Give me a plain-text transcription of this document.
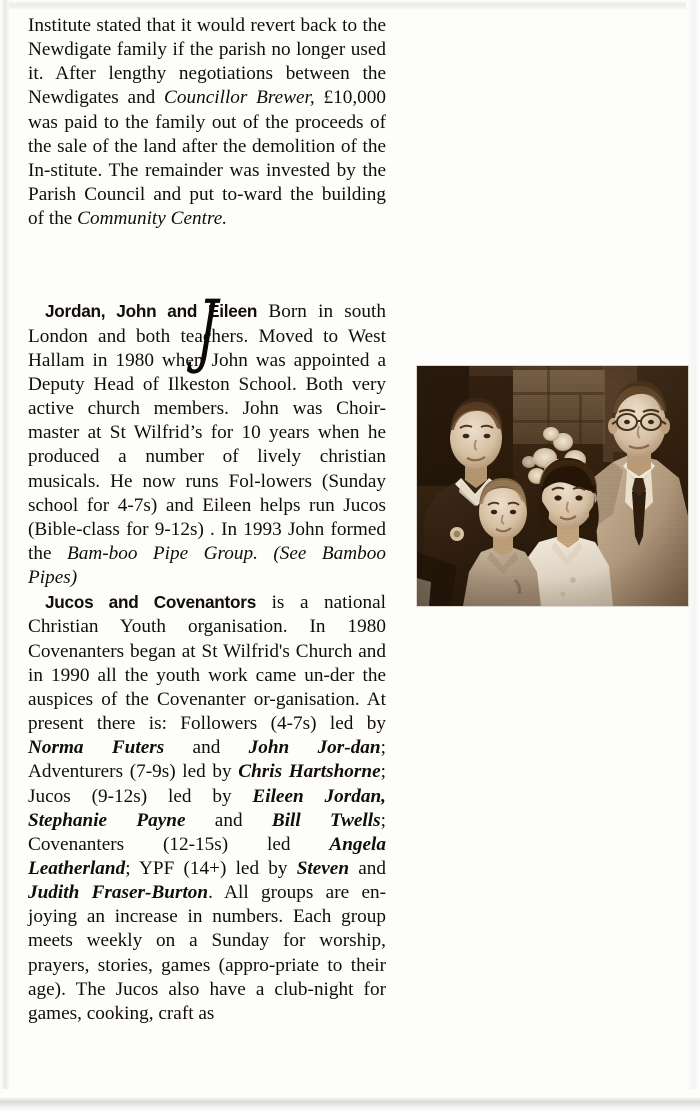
Institute stated that it would revert back to the Newdigate family if the parish no longer used it. After lengthy negotiations between the Newdigates and Councillor Brewer, £10,000 was paid to the family out of the proceeds of the sale of the land after the demolition of the In-stitute. The remainder was invested by the Parish Council and put to-ward the building of the Community Centre.

Jordan, John and Eileen Born in south London and both teachers. Moved to West Hallam in 1980 when John was appointed a Deputy Head of Ilkeston School. Both very active church members. John was Choir-master at St Wilfrid’s for 10 years when he produced a number of lively christian musicals. He now runs Fol-lowers (Sunday school for 4-7s) and Eileen helps run Jucos (Bible-class for 9-12s) . In 1993 John formed the Bam-boo Pipe Group. (See Bamboo Pipes)

Jucos and Covenantors is a national Christian Youth organisation. In 1980 Covenanters began at St Wilfrid's Church and in 1990 all the youth work came un-der the auspices of the Covenanter or-ganisation. At present there is: Followers (4-7s) led by Norma Futers and John Jor-dan; Adventurers (7-9s) led by Chris Hartshorne; Jucos (9-12s) led by Eileen Jordan, Stephanie Payne and Bill Twells; Covenanters (12-15s) led Angela Leatherland; YPF (14+) led by Steven and Judith Fraser-Burton. All groups are en-joying an increase in numbers. Each group meets weekly on a Sunday for worship, prayers, stories, games (appro-priate to their age). The Jucos also have a club-night for games, cooking, craft as

J
